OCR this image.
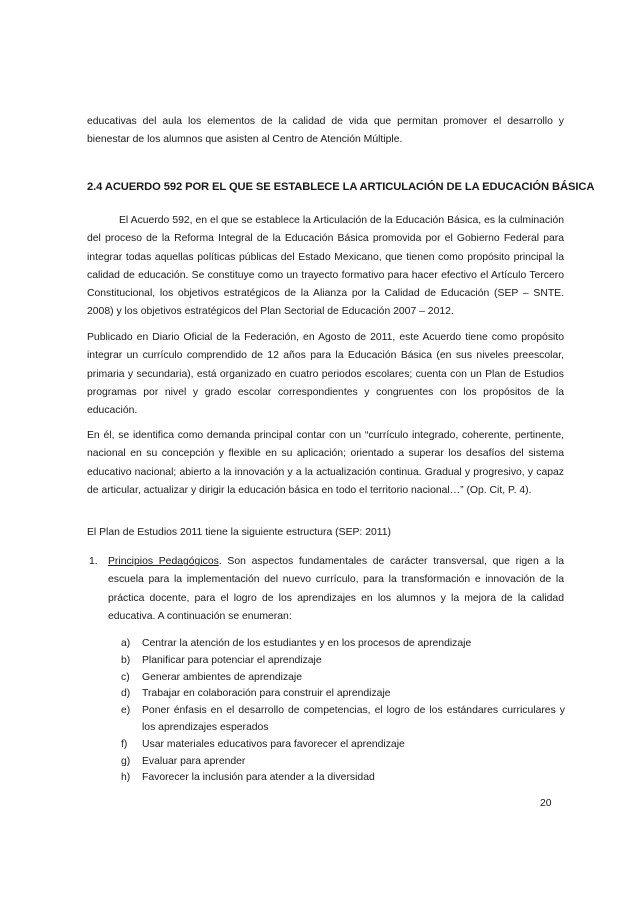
educativas del aula los elementos de la calidad de vida que permitan promover el desarrollo y bienestar de los alumnos que asisten al Centro de Atención Múltiple.
2.4 ACUERDO 592 POR EL QUE SE ESTABLECE LA ARTICULACIÓN DE LA EDUCACIÓN BÁSICA
El Acuerdo 592, en el que se establece la Articulación de la Educación Básica, es la culminación del proceso de la Reforma Integral de la Educación Básica promovida por el Gobierno Federal para integrar todas aquellas políticas públicas del Estado Mexicano, que tienen como propósito principal la calidad de educación. Se constituye como un trayecto formativo para hacer efectivo el Artículo Tercero Constitucional, los objetivos estratégicos de la Alianza por la Calidad de Educación (SEP – SNTE. 2008) y los objetivos estratégicos del Plan Sectorial de Educación 2007 – 2012.
Publicado en Diario Oficial de la Federación, en Agosto de 2011, este Acuerdo tiene como propósito integrar un currículo comprendido de 12 años para la Educación Básica (en sus niveles preescolar, primaria y secundaria), está organizado en cuatro periodos escolares; cuenta con un Plan de Estudios programas por nivel y grado escolar correspondientes y congruentes con los propósitos de la educación.
En él, se identifica como demanda principal contar con un “currículo integrado, coherente, pertinente, nacional en su concepción y flexible en su aplicación; orientado a superar los desafíos del sistema educativo nacional; abierto a la innovación y a la actualización continua. Gradual y progresivo, y capaz de articular, actualizar y dirigir la educación básica en todo el territorio nacional…” (Op. Cit, P. 4).
El Plan de Estudios 2011 tiene la siguiente estructura (SEP: 2011)
1. Principios Pedagógicos. Son aspectos fundamentales de carácter transversal, que rigen a la escuela para la implementación del nuevo currículo, para la transformación e innovación de la práctica docente, para el logro de los aprendizajes en los alumnos y la mejora de la calidad educativa. A continuación se enumeran:
a) Centrar la atención de los estudiantes y en los procesos de aprendizaje
b) Planificar para potenciar el aprendizaje
c) Generar ambientes de aprendizaje
d) Trabajar en colaboración para construir el aprendizaje
e) Poner énfasis en el desarrollo de competencias, el logro de los estándares curriculares y los aprendizajes esperados
f) Usar materiales educativos para favorecer el aprendizaje
g) Evaluar para aprender
h) Favorecer la inclusión para atender a la diversidad
20
